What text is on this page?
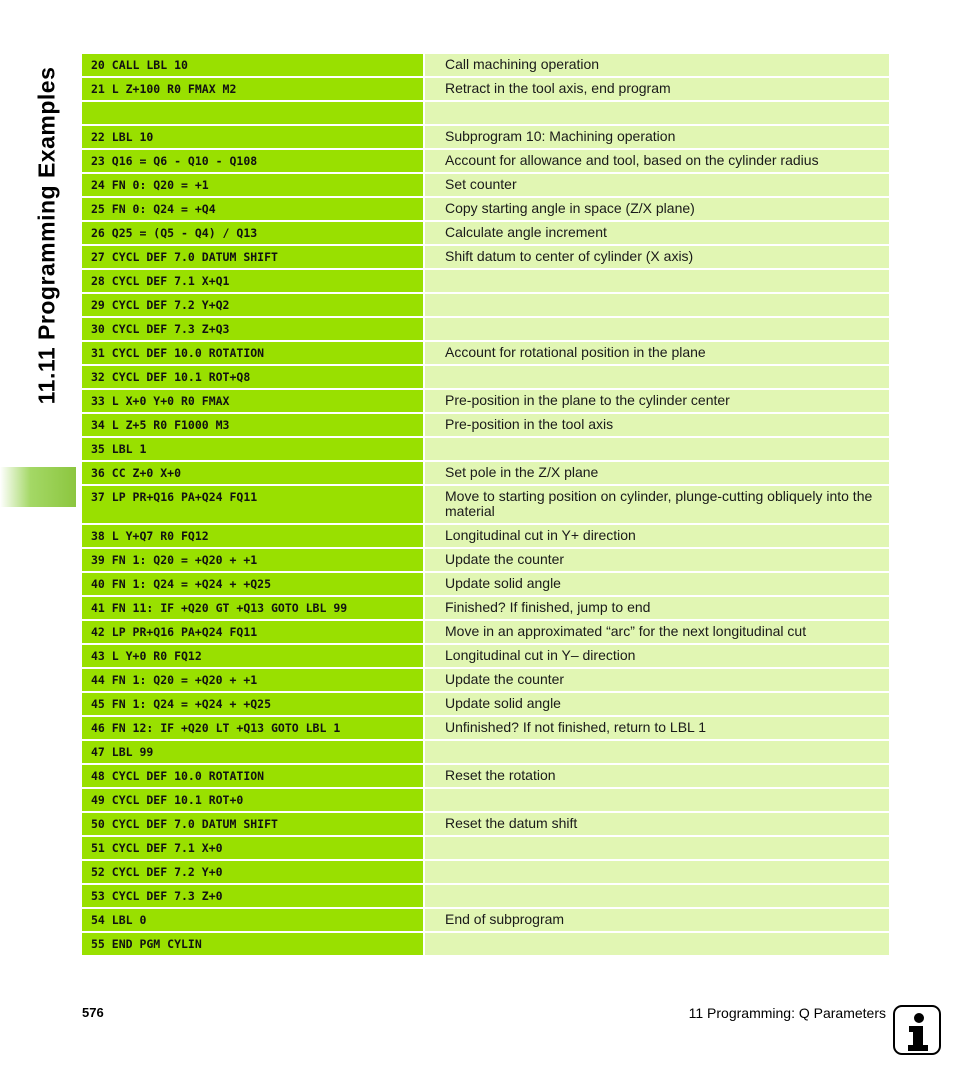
11.11 Programming Examples
20 CALL LBL 10	Call machining operation
21 L Z+100 R0 FMAX M2	Retract in the tool axis, end program
22 LBL 10	Subprogram 10: Machining operation
23 Q16 = Q6 - Q10 - Q108	Account for allowance and tool, based on the cylinder radius
24 FN 0: Q20 = +1	Set counter
25 FN 0: Q24 = +Q4	Copy starting angle in space (Z/X plane)
26 Q25 = (Q5 - Q4) / Q13	Calculate angle increment
27 CYCL DEF 7.0 DATUM SHIFT	Shift datum to center of cylinder (X axis)
28 CYCL DEF 7.1 X+Q1
29 CYCL DEF 7.2 Y+Q2
30 CYCL DEF 7.3 Z+Q3
31 CYCL DEF 10.0 ROTATION	Account for rotational position in the plane
32 CYCL DEF 10.1 ROT+Q8
33 L X+0 Y+0 R0 FMAX	Pre-position in the plane to the cylinder center
34 L Z+5 R0 F1000 M3	Pre-position in the tool axis
35 LBL 1
36 CC Z+0 X+0	Set pole in the Z/X plane
37 LP PR+Q16 PA+Q24 FQ11	Move to starting position on cylinder, plunge-cutting obliquely into the material
38 L Y+Q7 R0 FQ12	Longitudinal cut in Y+ direction
39 FN 1: Q20 = +Q20 + +1	Update the counter
40 FN 1: Q24 = +Q24 + +Q25	Update solid angle
41 FN 11: IF +Q20 GT +Q13 GOTO LBL 99	Finished? If finished, jump to end
42 LP PR+Q16 PA+Q24 FQ11	Move in an approximated “arc” for the next longitudinal cut
43 L Y+0 R0 FQ12	Longitudinal cut in Y– direction
44 FN 1: Q20 = +Q20 + +1	Update the counter
45 FN 1: Q24 = +Q24 + +Q25	Update solid angle
46 FN 12: IF +Q20 LT +Q13 GOTO LBL 1	Unfinished? If not finished, return to LBL 1
47 LBL 99
48 CYCL DEF 10.0 ROTATION	Reset the rotation
49 CYCL DEF 10.1 ROT+0
50 CYCL DEF 7.0 DATUM SHIFT	Reset the datum shift
51 CYCL DEF 7.1 X+0
52 CYCL DEF 7.2 Y+0
53 CYCL DEF 7.3 Z+0
54 LBL 0	End of subprogram
55 END PGM CYLIN
576	11 Programming: Q Parameters
